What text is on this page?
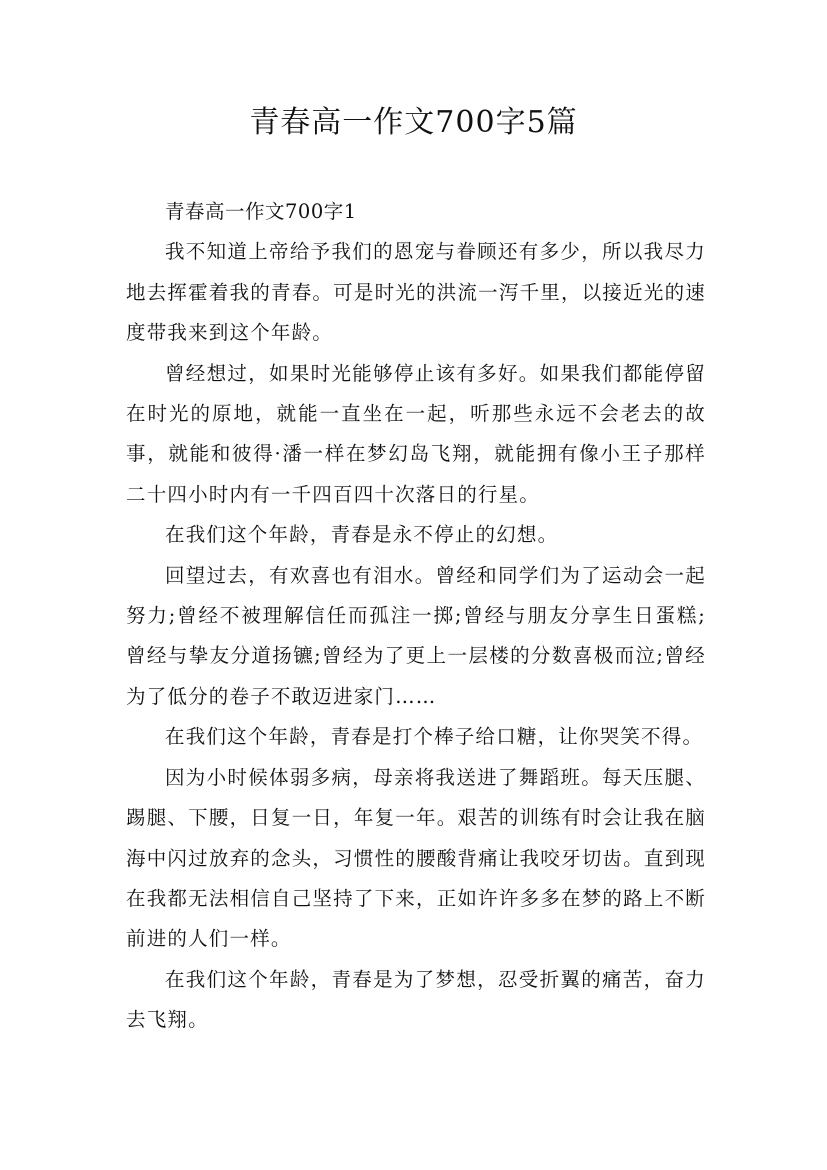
青春高一作文700字5篇

青春高一作文700字1

我不知道上帝给予我们的恩宠与眷顾还有多少，所以我尽力地去挥霍着我的青春。可是时光的洪流一泻千里，以接近光的速度带我来到这个年龄。

曾经想过，如果时光能够停止该有多好。如果我们都能停留在时光的原地，就能一直坐在一起，听那些永远不会老去的故事，就能和彼得·潘一样在梦幻岛飞翔，就能拥有像小王子那样二十四小时内有一千四百四十次落日的行星。

在我们这个年龄，青春是永不停止的幻想。

回望过去，有欢喜也有泪水。曾经和同学们为了运动会一起努力;曾经不被理解信任而孤注一掷;曾经与朋友分享生日蛋糕;曾经与挚友分道扬镳;曾经为了更上一层楼的分数喜极而泣;曾经为了低分的卷子不敢迈进家门……

在我们这个年龄，青春是打个棒子给口糖，让你哭笑不得。

因为小时候体弱多病，母亲将我送进了舞蹈班。每天压腿、踢腿、下腰，日复一日，年复一年。艰苦的训练有时会让我在脑海中闪过放弃的念头，习惯性的腰酸背痛让我咬牙切齿。直到现在我都无法相信自己坚持了下来，正如许许多多在梦的路上不断前进的人们一样。

在我们这个年龄，青春是为了梦想，忍受折翼的痛苦，奋力去飞翔。
